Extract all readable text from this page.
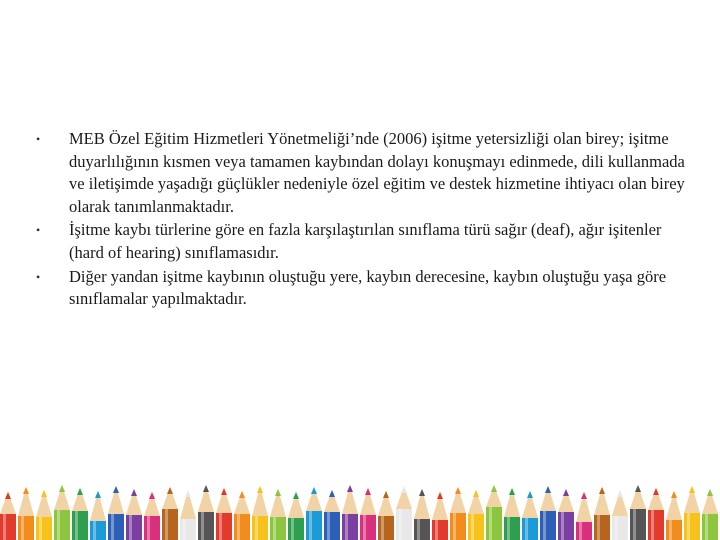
• MEB Özel Eğitim Hizmetleri Yönetmeliği’nde (2006) işitme yetersizliği olan birey; işitme duyarlılığının kısmen veya tamamen kaybından dolayı konuşmayı edinmede, dili kullanmada ve iletişimde yaşadığı güçlükler nedeniyle özel eğitim ve destek hizmetine ihtiyacı olan birey olarak tanımlanmaktadır.
• İşitme kaybı türlerine göre en fazla karşılaştırılan sınıflama türü sağır (deaf), ağır işitenler (hard of hearing) sınıflamasıdır.
• Diğer yandan işitme kaybının oluştuğu yere, kaybın derecesine, kaybın oluştuğu yaşa göre sınıflamalar yapılmaktadır.
